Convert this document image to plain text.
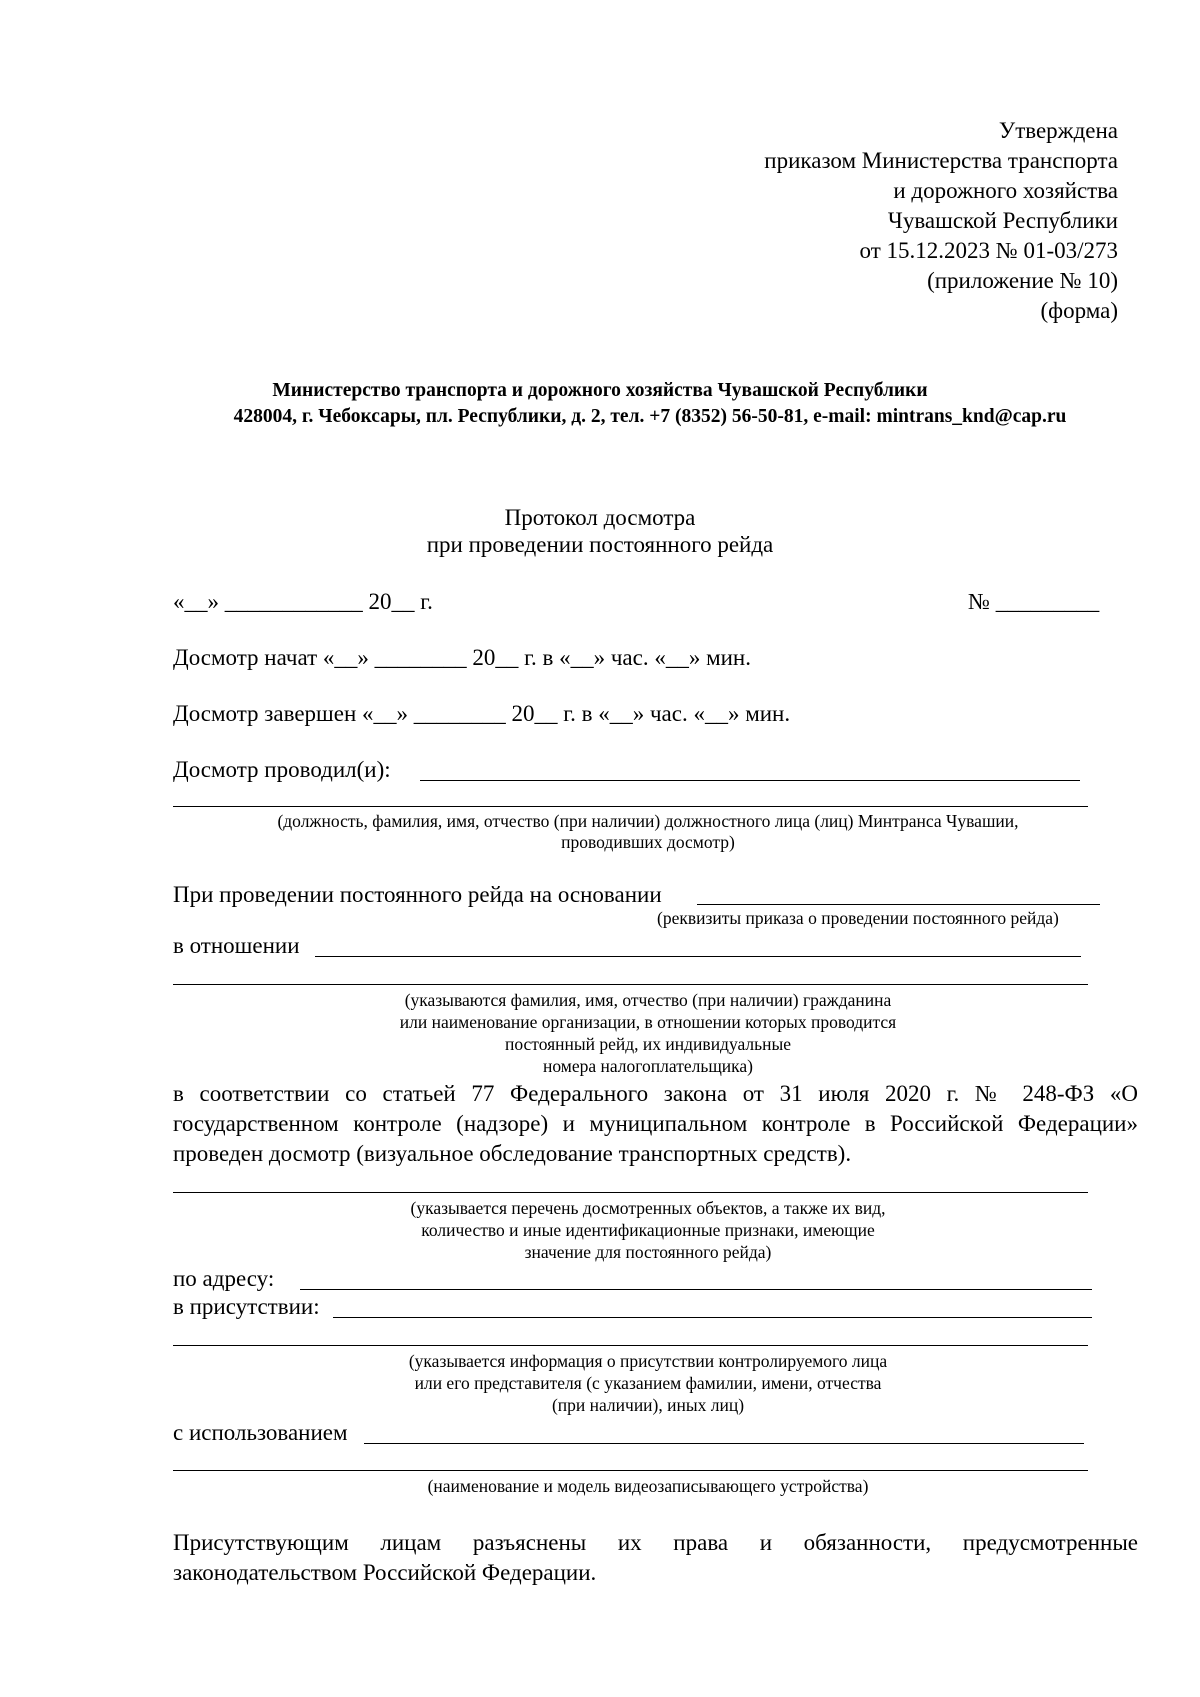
Утверждена
приказом Министерства транспорта
и дорожного хозяйства
Чувашской Республики
от 15.12.2023 № 01-03/273
(приложение № 10)
(форма)
Министерство транспорта и дорожного хозяйства Чувашской Республики
428004, г. Чебоксары, пл. Республики, д. 2, тел. +7 (8352) 56-50-81, e-mail: mintrans_knd@cap.ru
Протокол досмотра
при проведении постоянного рейда
«__» ____________ 20__ г.	№ _________
Досмотр начат «__» ________ 20__ г. в «__» час. «__» мин.
Досмотр завершен «__» ________ 20__ г. в «__» час. «__» мин.
Досмотр проводил(и):
(должность, фамилия, имя, отчество (при наличии) должностного лица (лиц) Минтранса Чувашии,
проводивших досмотр)
При проведении постоянного рейда на основании
(реквизиты приказа о проведении постоянного рейда)
в отношении
(указываются фамилия, имя, отчество (при наличии) гражданина
или наименование организации, в отношении которых проводится
постоянный рейд, их индивидуальные
номера налогоплательщика)
в соответствии со статьей 77 Федерального закона от 31 июля 2020 г. № 248-ФЗ «О
государственном контроле (надзоре) и муниципальном контроле в Российской Федерации»
проведен досмотр (визуальное обследование транспортных средств).
(указывается перечень досмотренных объектов, а также их вид,
количество и иные идентификационные признаки, имеющие
значение для постоянного рейда)
по адресу:
в присутствии:
(указывается информация о присутствии контролируемого лица
или его представителя (с указанием фамилии, имени, отчества
(при наличии), иных лиц)
с использованием
(наименование и модель видеозаписывающего устройства)
Присутствующим лицам разъяснены их права и обязанности, предусмотренные
законодательством Российской Федерации.
